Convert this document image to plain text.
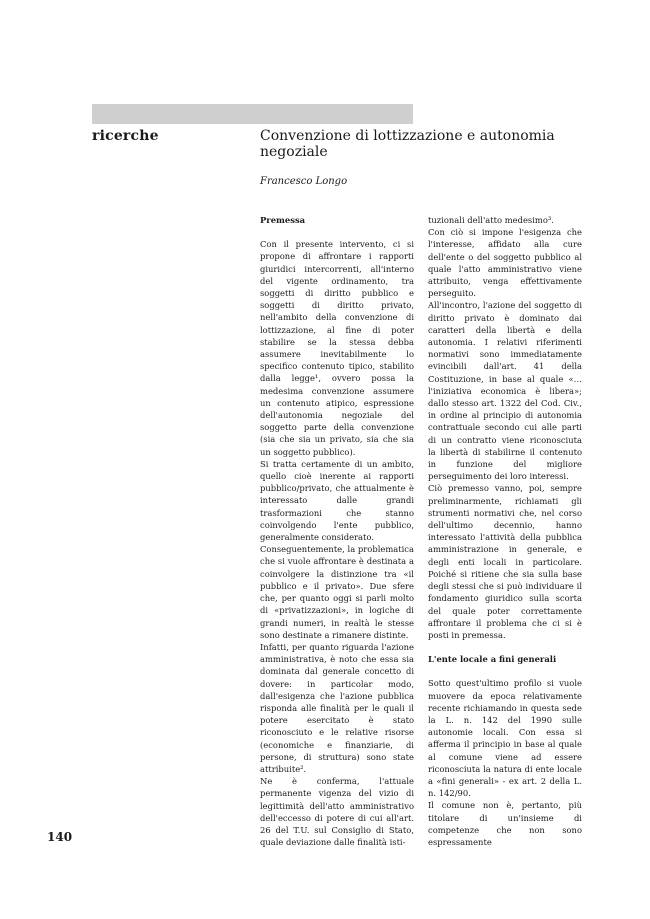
ricerche	Convenzione di lottizzazione e autonomia negoziale
Francesco Longo

Premessa

Con il presente intervento, ci si propone di affrontare i rapporti giuridici intercorrenti, all'interno del vigente ordinamento, tra soggetti di diritto pubblico e soggetti di diritto privato, nell'ambito della convenzione di lottizzazione, al fine di poter stabilire se la stessa debba assumere inevitabilmente lo specifico contenuto tipico, stabilito dalla legge¹, ovvero possa la medesima convenzione assumere un contenuto atipico, espressione dell'autonomia negoziale del soggetto parte della convenzione (sia che sia un privato, sia che sia un soggetto pubblico).

Si tratta certamente di un ambito, quello cioè inerente ai rapporti pubblico/privato, che attualmente è interessato dalle grandi trasformazioni che stanno coinvolgendo l'ente pubblico, generalmente considerato.

Conseguentemente, la problematica che si vuole affrontare è destinata a coinvolgere la distinzione tra «il pubblico e il privato». Due sfere che, per quanto oggi si parli molto di «privatizzazioni», in logiche di grandi numeri, in realtà le stesse sono destinate a rimanere distinte.

Infatti, per quanto riguarda l'azione amministrativa, è noto che essa sia dominata dal generale concetto di dovere: in particolar modo, dall'esigenza che l'azione pubblica risponda alle finalità per le quali il potere esercitato è stato riconosciuto e le relative risorse (economiche e finanziarie, di persone, di struttura) sono state attribuite².

Ne è conferma, l'attuale permanente vigenza del vizio di legittimità dell'atto amministrativo dell'eccesso di potere di cui all'art. 26 del T.U. sul Consiglio di Stato, quale deviazione dalle finalità isti-

tuzionali dell'atto medesimo³.

Con ciò si impone l'esigenza che l'interesse, affidato alla cure dell'ente o del soggetto pubblico al quale l'atto amministrativo viene attribuito, venga effettivamente perseguito.

All'incontro, l'azione del soggetto di diritto privato è dominato dai caratteri della libertà e della autonomia. I relativi riferimenti normativi sono immediatamente evincibili dall'art. 41 della Costituzione, in base al quale «… l'iniziativa economica è libera»; dallo stesso art. 1322 del Cod. Civ., in ordine al principio di autonomia contrattuale secondo cui alle parti di un contratto viene riconosciuta la libertà di stabilirne il contenuto in funzione del migliore perseguimento dei loro interessi.

Ciò premesso vanno, poi, sempre preliminarmente, richiamati gli strumenti normativi che, nel corso dell'ultimo decennio, hanno interessato l'attività della pubblica amministrazione in generale, e degli enti locali in particolare. Poiché si ritiene che sia sulla base degli stessi che si può individuare il fondamento giuridico sulla scorta del quale poter correttamente affrontare il problema che ci si è posti in premessa.

L'ente locale a fini generali

Sotto quest'ultimo profilo si vuole muovere da epoca relativamente recente richiamando in questa sede la L. n. 142 del 1990 sulle autonomie locali. Con essa si afferma il principio in base al quale al comune viene ad essere riconosciuta la natura di ente locale a «fini generali» - ex art. 2 della L. n. 142/90.

Il comune non è, pertanto, più titolare di un'insieme di competenze che non sono espressamente

140
